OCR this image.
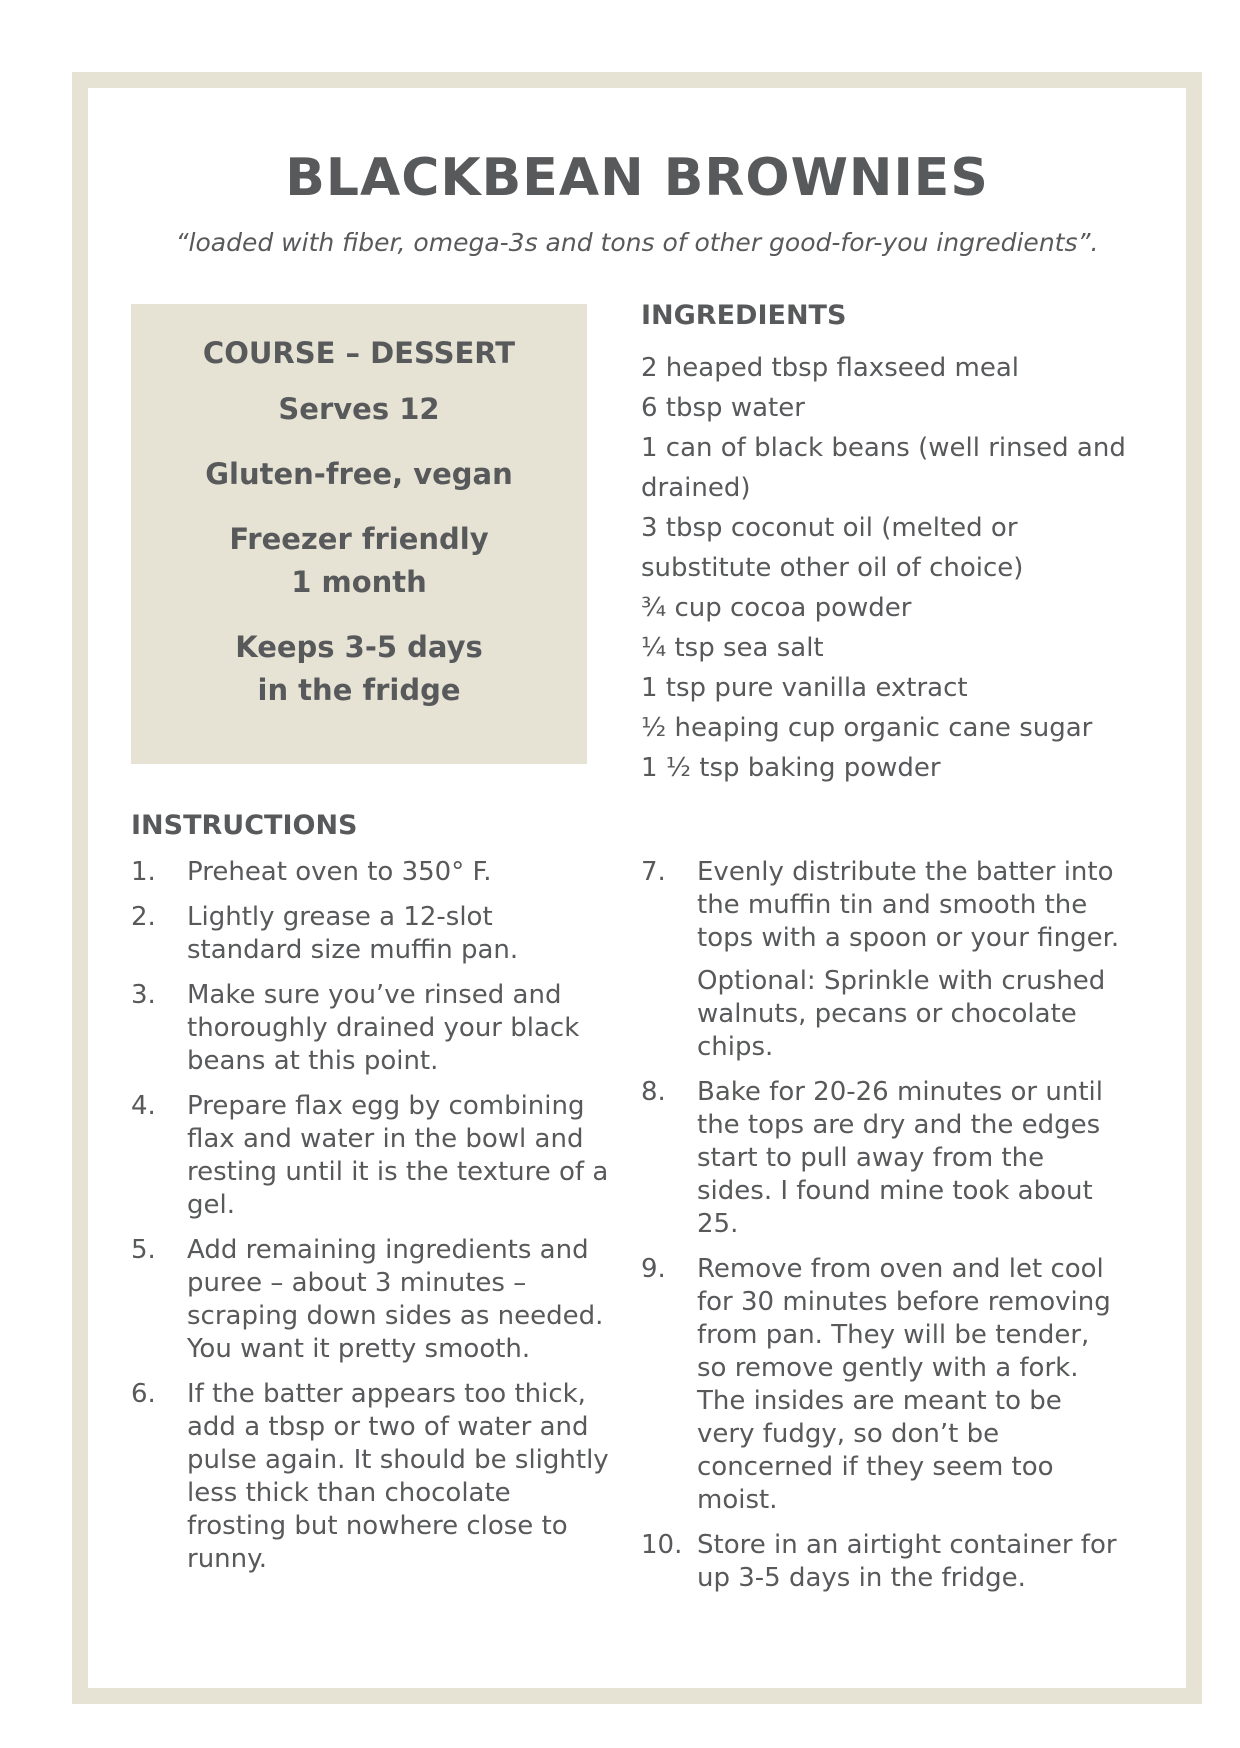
BLACKBEAN BROWNIES

“loaded with fiber, omega-3s and tons of other good-for-you ingredients”.

COURSE – DESSERT

Serves 12

Gluten-free, vegan

Freezer friendly
1 month

Keeps 3-5 days
in the fridge

INGREDIENTS
2 heaped tbsp flaxseed meal
6 tbsp water
1 can of black beans (well rinsed and drained)
3 tbsp coconut oil (melted or substitute other oil of choice)
¾ cup cocoa powder
¼ tsp sea salt
1 tsp pure vanilla extract
½ heaping cup organic cane sugar
1 ½ tsp baking powder
INSTRUCTIONS
1. Preheat oven to 350° F.
2. Lightly grease a 12-slot standard size muffin pan.
3. Make sure you’ve rinsed and thoroughly drained your black beans at this point.
4. Prepare flax egg by combining flax and water in the bowl and resting until it is the texture of a gel.
5. Add remaining ingredients and puree – about 3 minutes – scraping down sides as needed. You want it pretty smooth.
6. If the batter appears too thick, add a tbsp or two of water and pulse again. It should be slightly less thick than chocolate frosting but nowhere close to runny.
7. Evenly distribute the batter into the muffin tin and smooth the tops with a spoon or your finger.
Optional: Sprinkle with crushed walnuts, pecans or chocolate chips.
8. Bake for 20-26 minutes or until the tops are dry and the edges start to pull away from the sides. I found mine took about 25.
9. Remove from oven and let cool for 30 minutes before removing from pan. They will be tender, so remove gently with a fork. The insides are meant to be very fudgy, so don’t be concerned if they seem too moist.
10. Store in an airtight container for up 3-5 days in the fridge.
